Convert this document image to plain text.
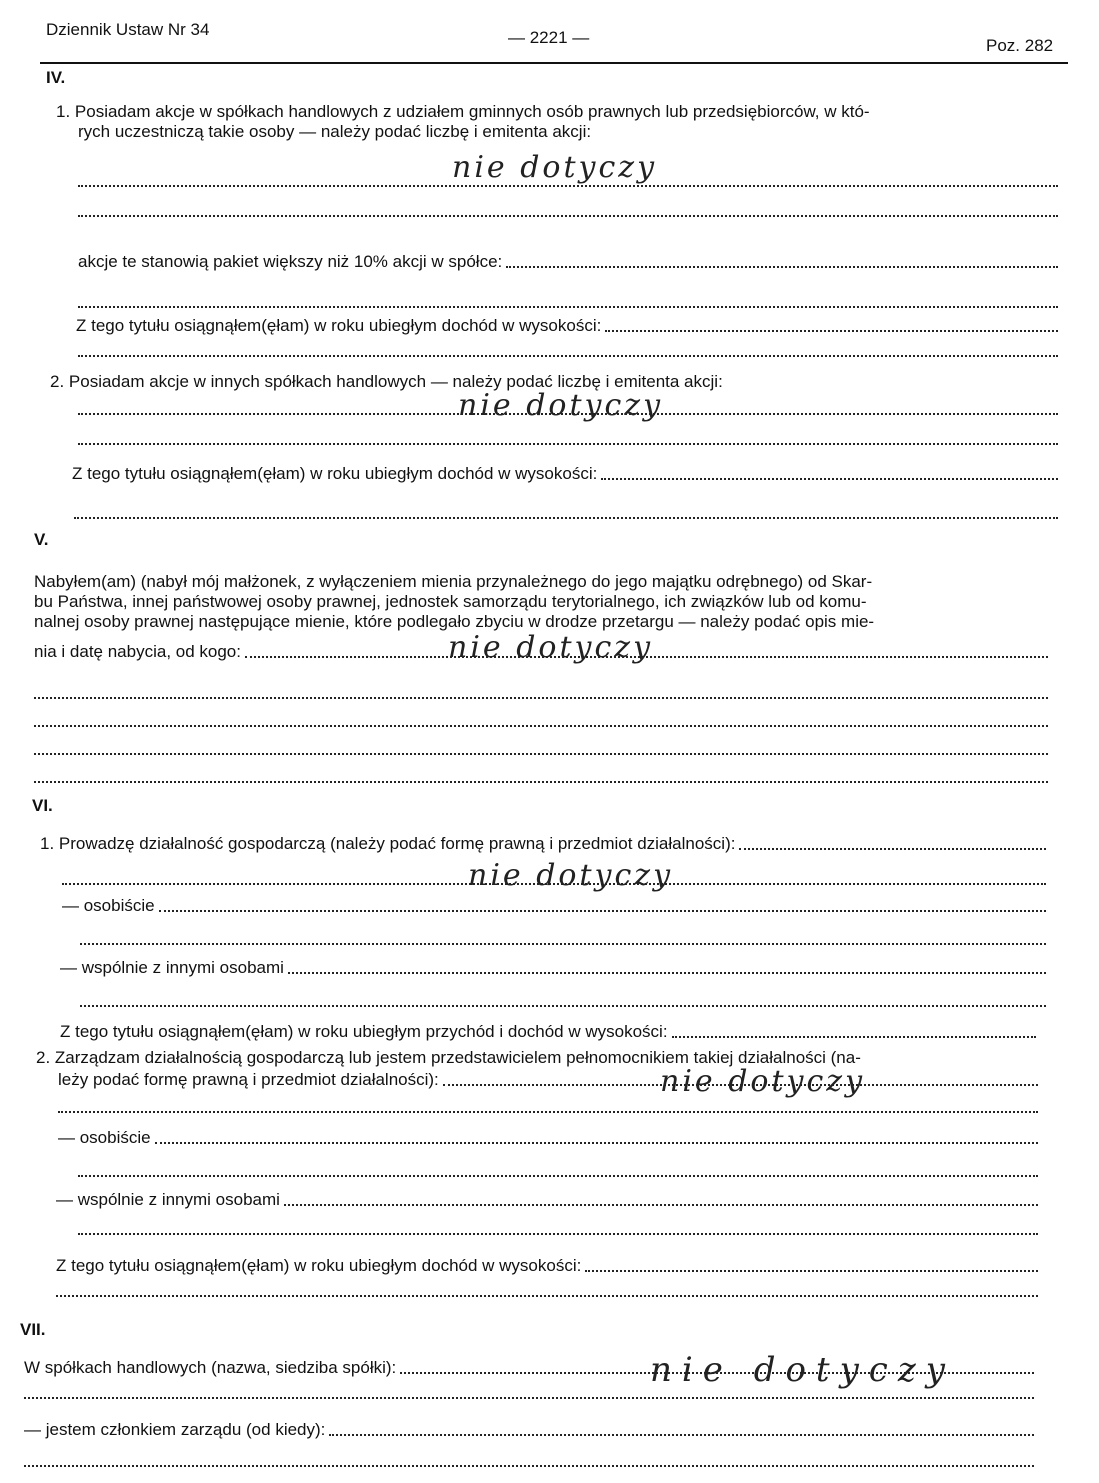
Dziennik Ustaw Nr 34	— 2221 —	Poz. 282
IV.
1. Posiadam akcje w spółkach handlowych z udziałem gminnych osób prawnych lub przedsiębiorców, w któ-
rych uczestniczą takie osoby — należy podać liczbę i emitenta akcji:
nie dotyczy
akcje te stanowią pakiet większy niż 10% akcji w spółce:
Z tego tytułu osiągnąłem(ęłam) w roku ubiegłym dochód w wysokości:
2. Posiadam akcje w innych spółkach handlowych — należy podać liczbę i emitenta akcji:
nie dotyczy
Z tego tytułu osiągnąłem(ęłam) w roku ubiegłym dochód w wysokości:
V.
Nabyłem(am) (nabył mój małżonek, z wyłączeniem mienia przynależnego do jego majątku odrębnego) od Skar-
bu Państwa, innej państwowej osoby prawnej, jednostek samorządu terytorialnego, ich związków lub od komu-
nalnej osoby prawnej następujące mienie, które podlegało zbyciu w drodze przetargu — należy podać opis mie-
nia i datę nabycia, od kogo:	nie dotyczy
VI.
1. Prowadzę działalność gospodarczą (należy podać formę prawną i przedmiot działalności):
nie dotyczy
— osobiście
— wspólnie z innymi osobami
Z tego tytułu osiągnąłem(ęłam) w roku ubiegłym przychód i dochód w wysokości:
2. Zarządzam działalnością gospodarczą lub jestem przedstawicielem pełnomocnikiem takiej działalności (na-
leży podać formę prawną i przedmiot działalności):	nie dotyczy
— osobiście
— wspólnie z innymi osobami
Z tego tytułu osiągnąłem(ęłam) w roku ubiegłym dochód w wysokości:
VII.
W spółkach handlowych (nazwa, siedziba spółki):	nie dotyczy
— jestem członkiem zarządu (od kiedy):
